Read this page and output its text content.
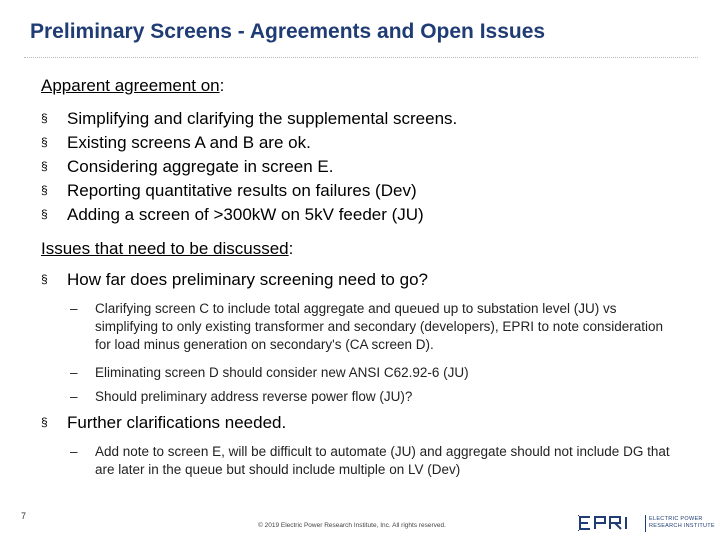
Preliminary Screens - Agreements and Open Issues
Apparent agreement on:
§ Simplifying and clarifying the supplemental screens.
§ Existing screens A and B are ok.
§ Considering aggregate in screen E.
§ Reporting quantitative results on failures (Dev)
§ Adding a screen of >300kW on 5kV feeder (JU)
Issues that need to be discussed:
§ How far does preliminary screening need to go?
–	Clarifying screen C to include total aggregate and queued up to substation level (JU) vs simplifying to only existing transformer and secondary (developers), EPRI to note consideration for load minus generation on secondary's (CA screen D).
–	Eliminating screen D should consider new ANSI C62.92-6 (JU)
–	Should preliminary address reverse power flow (JU)?
§ Further clarifications needed.
–	Add note to screen E, will be difficult to automate (JU) and aggregate should not include DG that are later in the queue but should include multiple on LV (Dev)
7
© 2019 Electric Power Research Institute, Inc. All rights reserved.
ELECTRIC POWER
RESEARCH INSTITUTE
